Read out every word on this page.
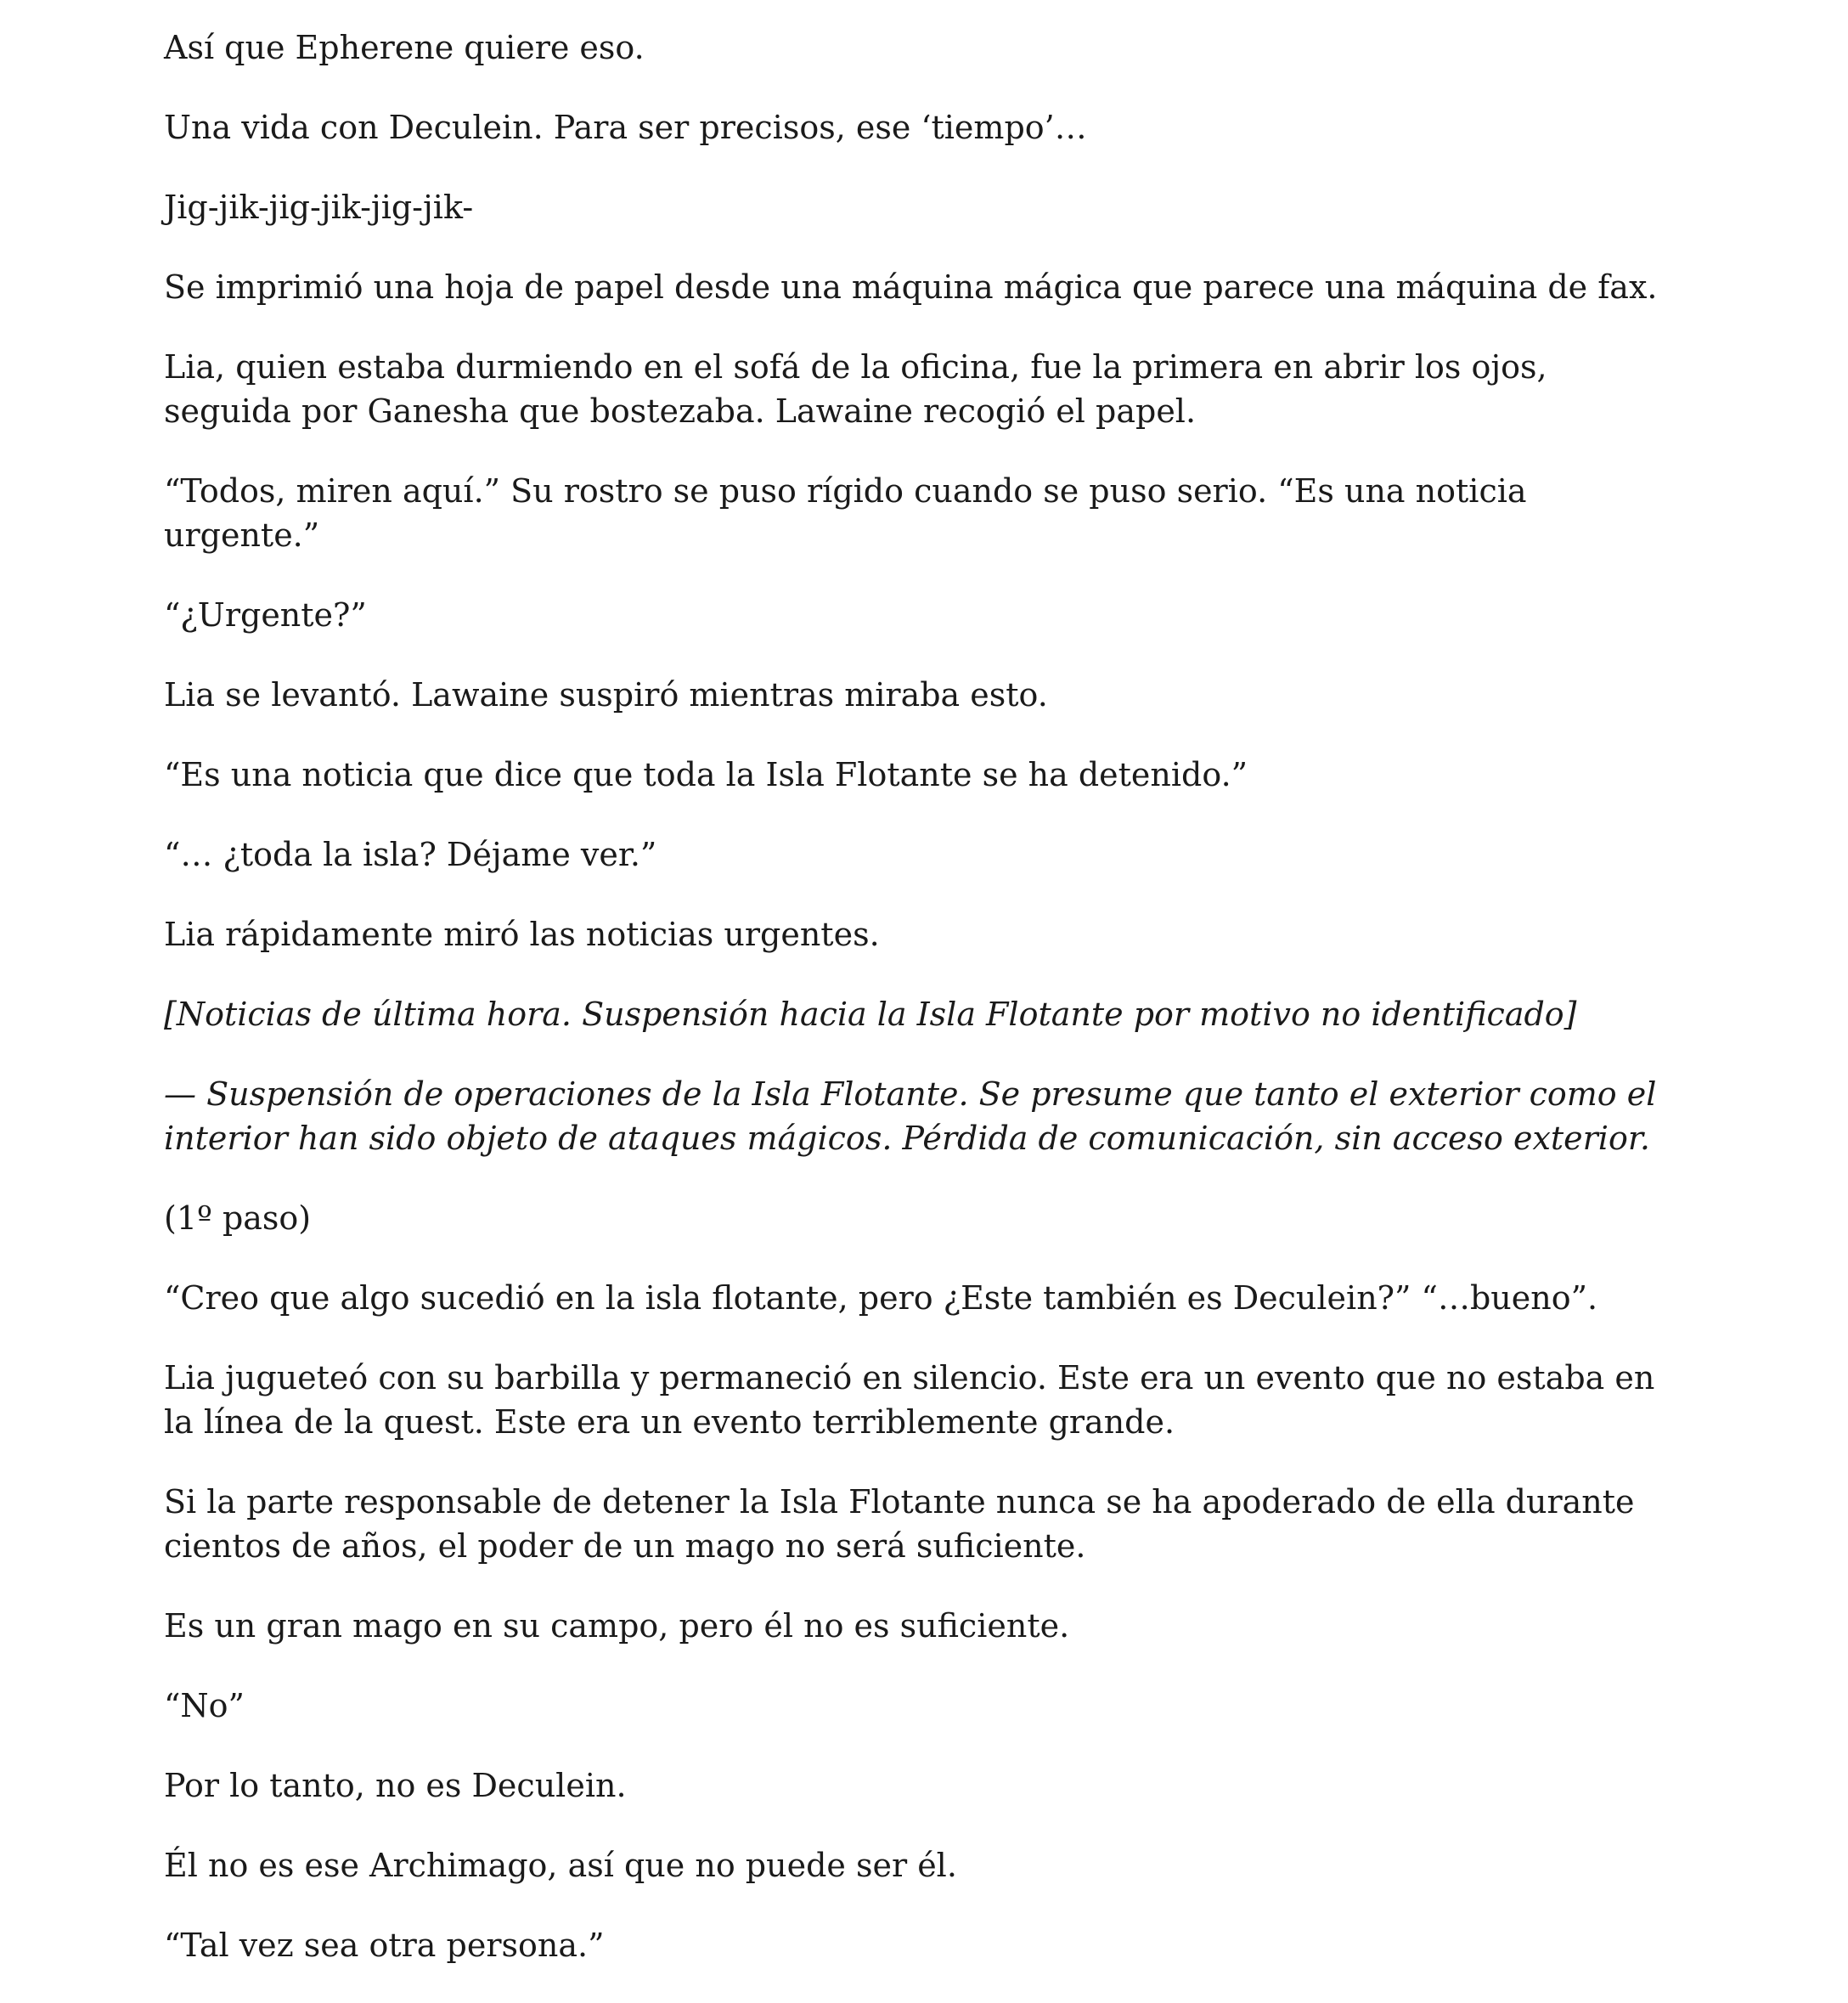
Así que Epherene quiere eso.

Una vida con Deculein. Para ser precisos, ese ‘tiempo’…

Jig-jik-jig-jik-jig-jik-

Se imprimió una hoja de papel desde una máquina mágica que parece una máquina de fax.

Lia, quien estaba durmiendo en el sofá de la oficina, fue la primera en abrir los ojos, seguida por Ganesha que bostezaba. Lawaine recogió el papel.

“Todos, miren aquí.” Su rostro se puso rígido cuando se puso serio. “Es una noticia urgente.”

“¿Urgente?”

Lia se levantó. Lawaine suspiró mientras miraba esto.

“Es una noticia que dice que toda la Isla Flotante se ha detenido.”

“… ¿toda la isla? Déjame ver.”

Lia rápidamente miró las noticias urgentes.

[Noticias de última hora. Suspensión hacia la Isla Flotante por motivo no identificado]

— Suspensión de operaciones de la Isla Flotante. Se presume que tanto el exterior como el interior han sido objeto de ataques mágicos. Pérdida de comunicación, sin acceso exterior.

(1º paso)

“Creo que algo sucedió en la isla flotante, pero ¿Este también es Deculein?” “…bueno”.

Lia jugueteó con su barbilla y permaneció en silencio. Este era un evento que no estaba en la línea de la quest. Este era un evento terriblemente grande.

Si la parte responsable de detener la Isla Flotante nunca se ha apoderado de ella durante cientos de años, el poder de un mago no será suficiente.

Es un gran mago en su campo, pero él no es suficiente.

“No”

Por lo tanto, no es Deculein.

Él no es ese Archimago, así que no puede ser él.

“Tal vez sea otra persona.”
